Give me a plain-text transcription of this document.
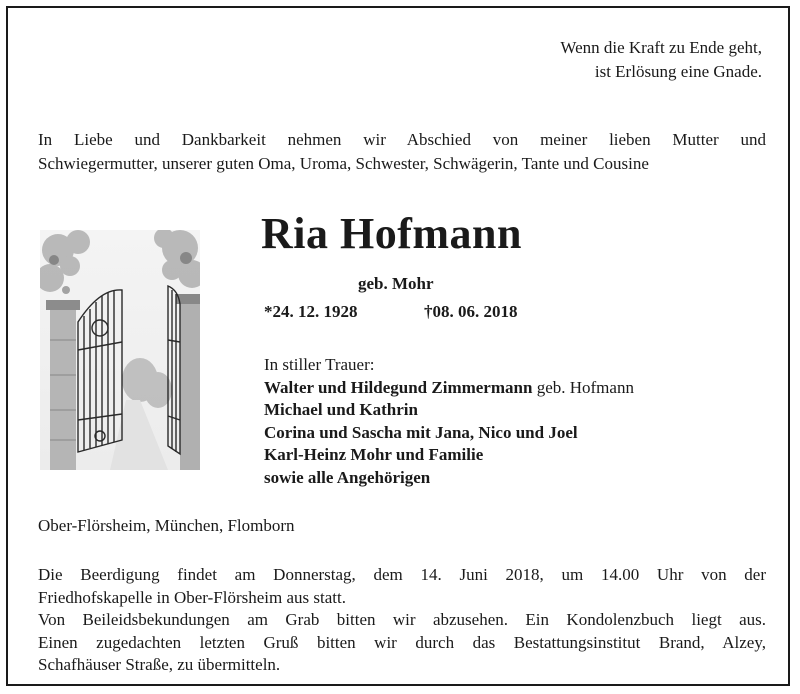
Wenn die Kraft zu Ende geht,
ist Erlösung eine Gnade.
In Liebe und Dankbarkeit nehmen wir Abschied von meiner lieben Mutter und
Schwiegermutter, unserer guten Oma, Uroma, Schwester, Schwägerin, Tante und Cousine
Ria Hofmann
geb. Mohr
*24. 12. 1928	†08. 06. 2018
In stiller Trauer:
Walter und Hildegund Zimmermann geb. Hofmann
Michael und Kathrin
Corina und Sascha mit Jana, Nico und Joel
Karl-Heinz Mohr und Familie
sowie alle Angehörigen
Ober-Flörsheim, München, Flomborn
Die Beerdigung findet am Donnerstag, dem 14. Juni 2018, um 14.00 Uhr von der
Friedhofskapelle in Ober-Flörsheim aus statt.
Von Beileidsbekundungen am Grab bitten wir abzusehen. Ein Kondolenzbuch liegt aus.
Einen zugedachten letzten Gruß bitten wir durch das Bestattungsinstitut Brand, Alzey,
Schafhäuser Straße, zu übermitteln.
